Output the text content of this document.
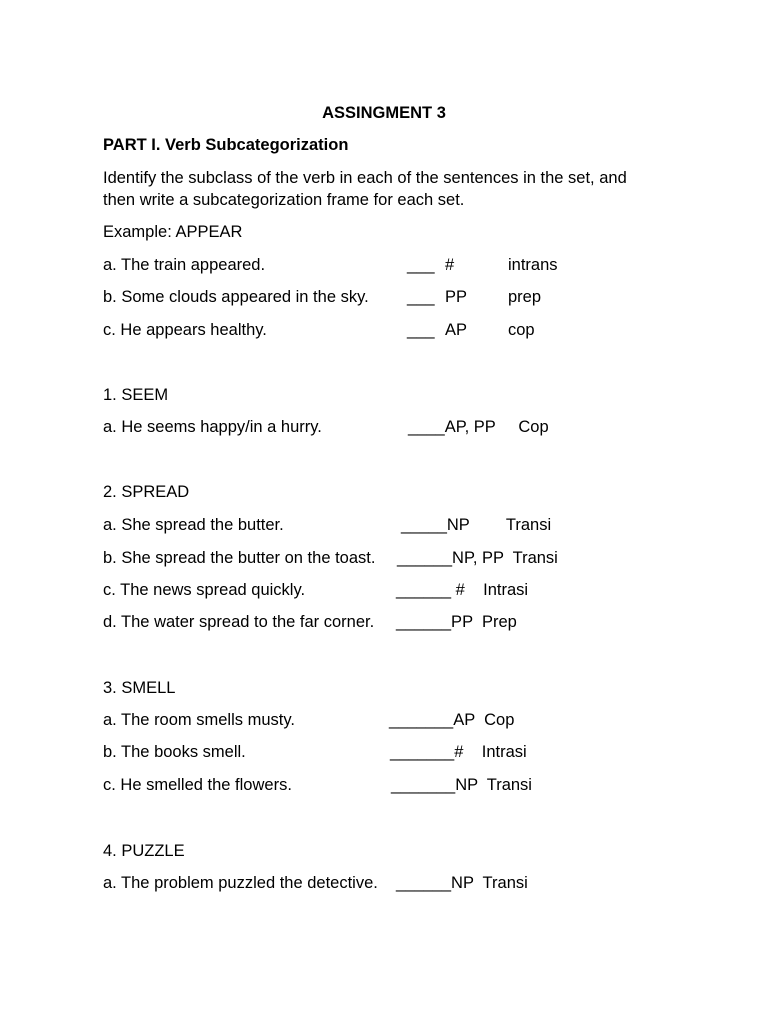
ASSINGMENT 3
PART I. Verb Subcategorization
Identify the subclass of the verb in each of the sentences in the set, and
then write a subcategorization frame for each set.
Example: APPEAR
a. The train appeared.	___ #	intrans
b. Some clouds appeared in the sky. ___ PP prep
c. He appears healthy.	___ AP cop
1. SEEM
a. He seems happy/in a hurry.	____AP, PP     Cop
2. SPREAD
a. She spread the butter.	_____NP        Transi
b. She spread the butter on the toast. ______NP, PP  Transi
c. The news spread quickly.	______ #    Intrasi
d. The water spread to the far corner. ______PP  Prep
3. SMELL
a. The room smells musty.	_______AP  Cop
b. The books smell.	_______#    Intrasi
c. He smelled the flowers.	_______NP  Transi
4. PUZZLE
a. The problem puzzled the detective. ______NP  Transi
